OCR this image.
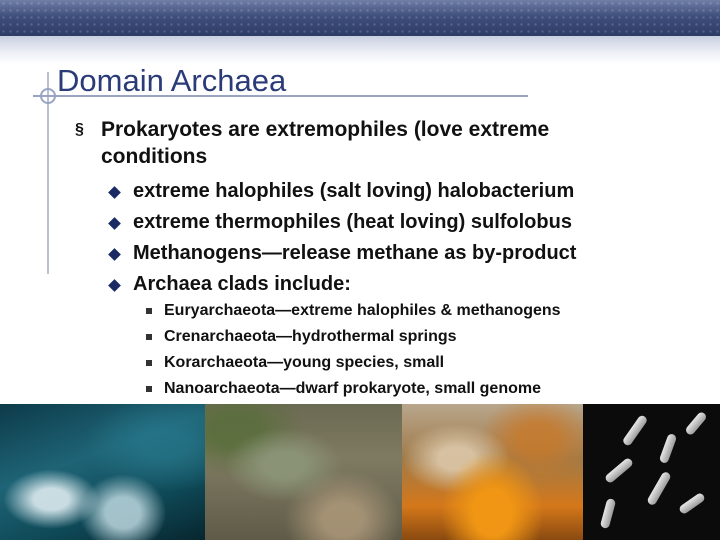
Domain Archaea
§ Prokaryotes are extremophiles (love extreme conditions
extreme halophiles (salt loving) halobacterium
extreme thermophiles (heat loving) sulfolobus
Methanogens—release methane as by-product
Archaea clads include:
Euryarchaeota—extreme halophiles & methanogens
Crenarchaeota—hydrothermal springs
Korarchaeota—young species, small
Nanoarchaeota—dwarf prokaryote, small genome
